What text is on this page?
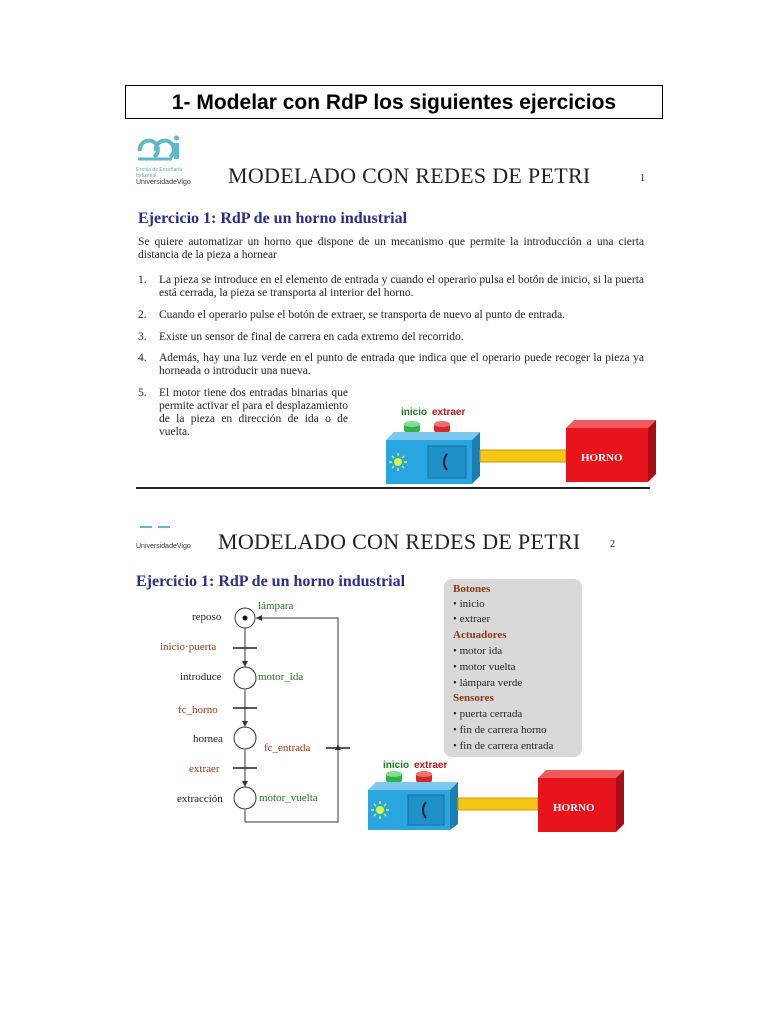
1- Modelar con RdP los siguientes ejercicios
Escola de Enxeñaría Industrial
UniversidadeVigo MODELADO CON REDES DE PETRI	1
Ejercicio 1: RdP de un horno industrial
Se quiere automatizar un horno que dispone de un mecanismo que permite la introducción a una cierta distancia de la pieza a hornear
1. La pieza se introduce en el elemento de entrada y cuando el operario pulsa el botón de inicio, si la puerta está cerrada, la pieza se transporta al interior del horno.
2. Cuando el operario pulse el botón de extraer, se transporta de nuevo al punto de entrada.
3. Existe un sensor de final de carrera en cada extremo del recorrido.
4. Además, hay una luz verde en el punto de entrada que indica que el operario puede recoger la pieza ya horneada o introducir una nueva.
5. El motor tiene dos entradas binarias que permite activar el para el desplazamiento de la pieza en dirección de ida o de vuelta.
inicio extraer
HORNO
UniversidadeVigo MODELADO CON REDES DE PETRI	2
Ejercicio 1: RdP de un horno industrial
reposo
lámpara
inicio·puerta
introduce	motor_ida
fc_horno
hornea
fc_entrada
extraer
extracción	motor_vuelta
Botones
• inicio
• extraer
Actuadores
• motor ida
• motor vuelta
• lámpara verde
Sensores
• puerta cerrada
• fin de carrera horno
• fin de carrera entrada
inicio extraer
HORNO
